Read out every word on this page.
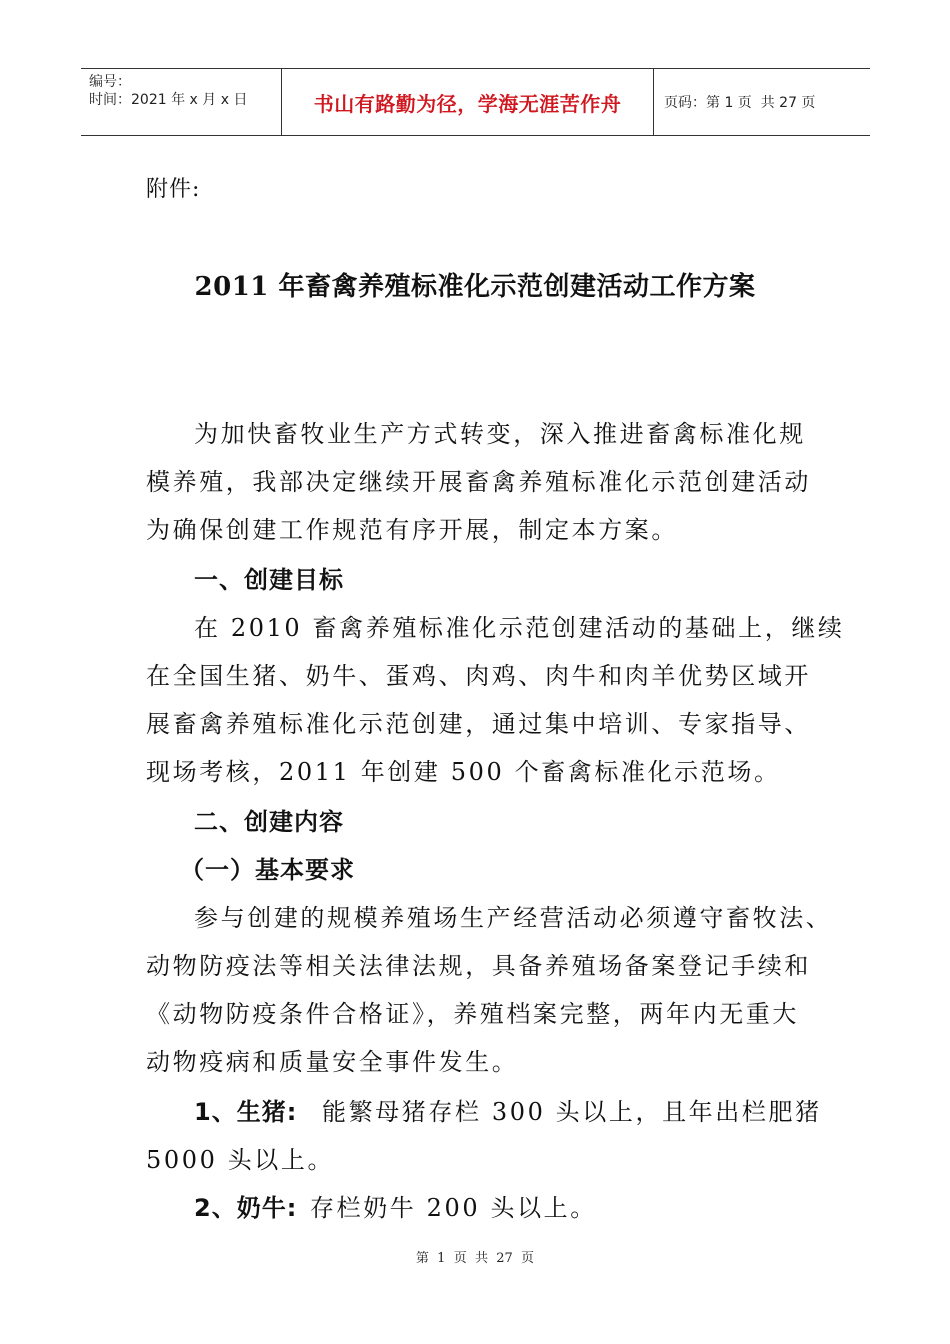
编号：
时间：2021 年 x 月 x 日	书山有路勤为径，学海无涯苦作舟	页码：第 1 页  共 27 页
附件:
2011 年畜禽养殖标准化示范创建活动工作方案
为加快畜牧业生产方式转变，深入推进畜禽标准化规
模养殖，我部决定继续开展畜禽养殖标准化示范创建活动
为确保创建工作规范有序开展，制定本方案。
一、创建目标
在 2010 畜禽养殖标准化示范创建活动的基础上，继续
在全国生猪、奶牛、蛋鸡、肉鸡、肉牛和肉羊优势区域开
展畜禽养殖标准化示范创建，通过集中培训、专家指导、
现场考核，2011 年创建 500 个畜禽标准化示范场。
二、创建内容
（一）基本要求
参与创建的规模养殖场生产经营活动必须遵守畜牧法、
动物防疫法等相关法律法规，具备养殖场备案登记手续和
《动物防疫条件合格证》，养殖档案完整，两年内无重大
动物疫病和质量安全事件发生。
1、生猪: 能繁母猪存栏 300 头以上，且年出栏肥猪
5000 头以上。
2、奶牛: 存栏奶牛 200 头以上。
第  1  页  共  27  页
